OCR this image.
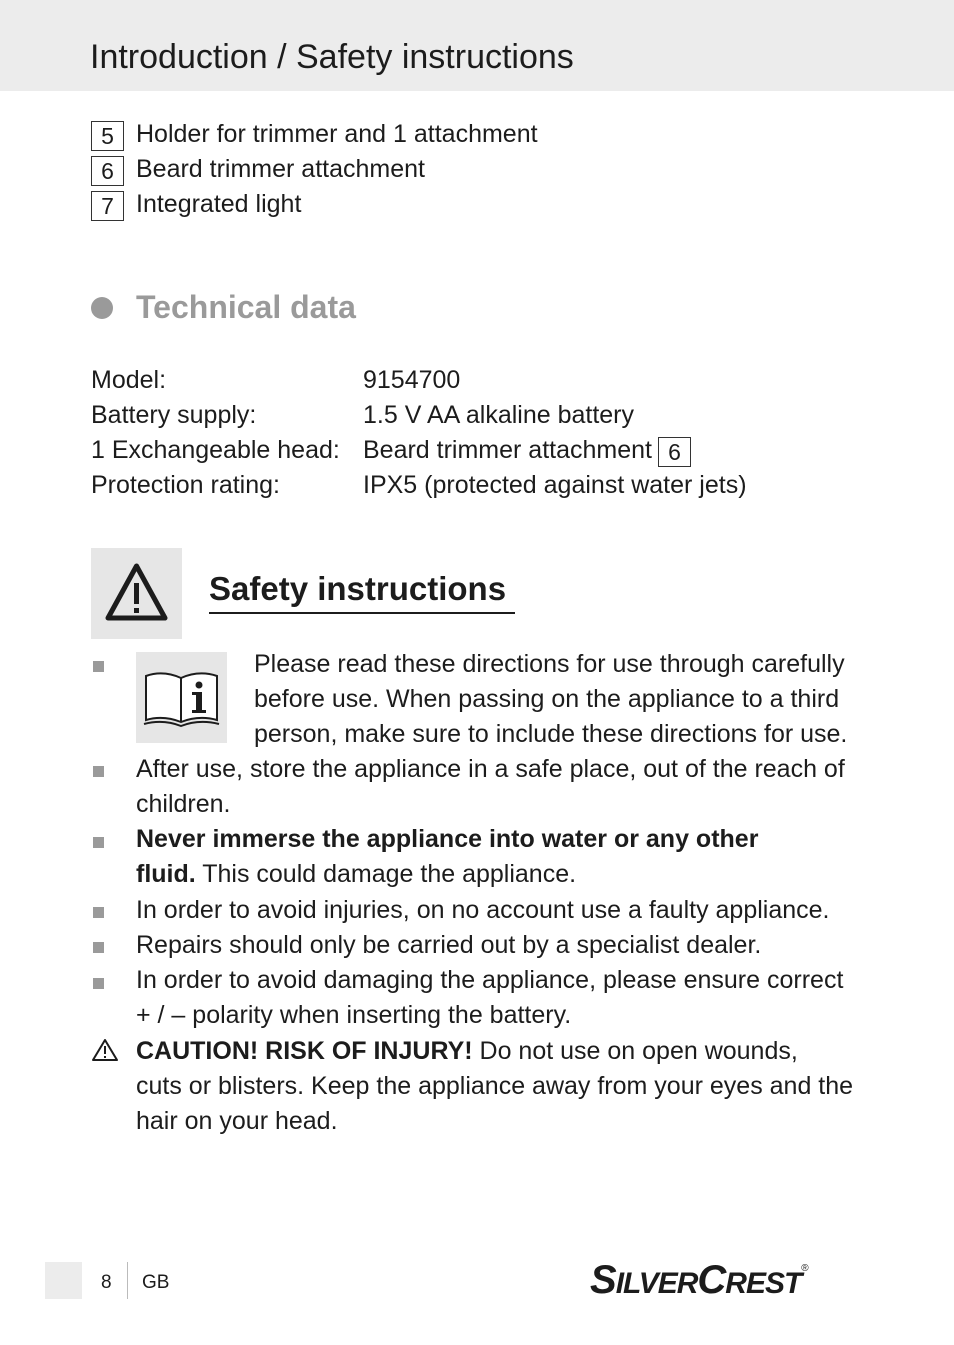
Introduction / Safety instructions
5 Holder for trimmer and 1 attachment
6 Beard trimmer attachment
7 Integrated light
Technical data
Model:	9154700
Battery supply:	1.5 V AA alkaline battery
1 Exchangeable head: Beard trimmer attachment 6
Protection rating:	IPX5 (protected against water jets)
Safety instructions
Please read these directions for use through carefully
before use. When passing on the appliance to a third
person, make sure to include these directions for use.
After use, store the appliance in a safe place, out of the reach of
children.
Never immerse the appliance into water or any other
fluid. This could damage the appliance.
In order to avoid injuries, on no account use a faulty appliance.
Repairs should only be carried out by a specialist dealer.
In order to avoid damaging the appliance, please ensure correct
+ / – polarity when inserting the battery.
CAUTION! RISK OF INJURY! Do not use on open wounds,
cuts or blisters. Keep the appliance away from your eyes and the
hair on your head.
8 GB	SILVERCREST®
